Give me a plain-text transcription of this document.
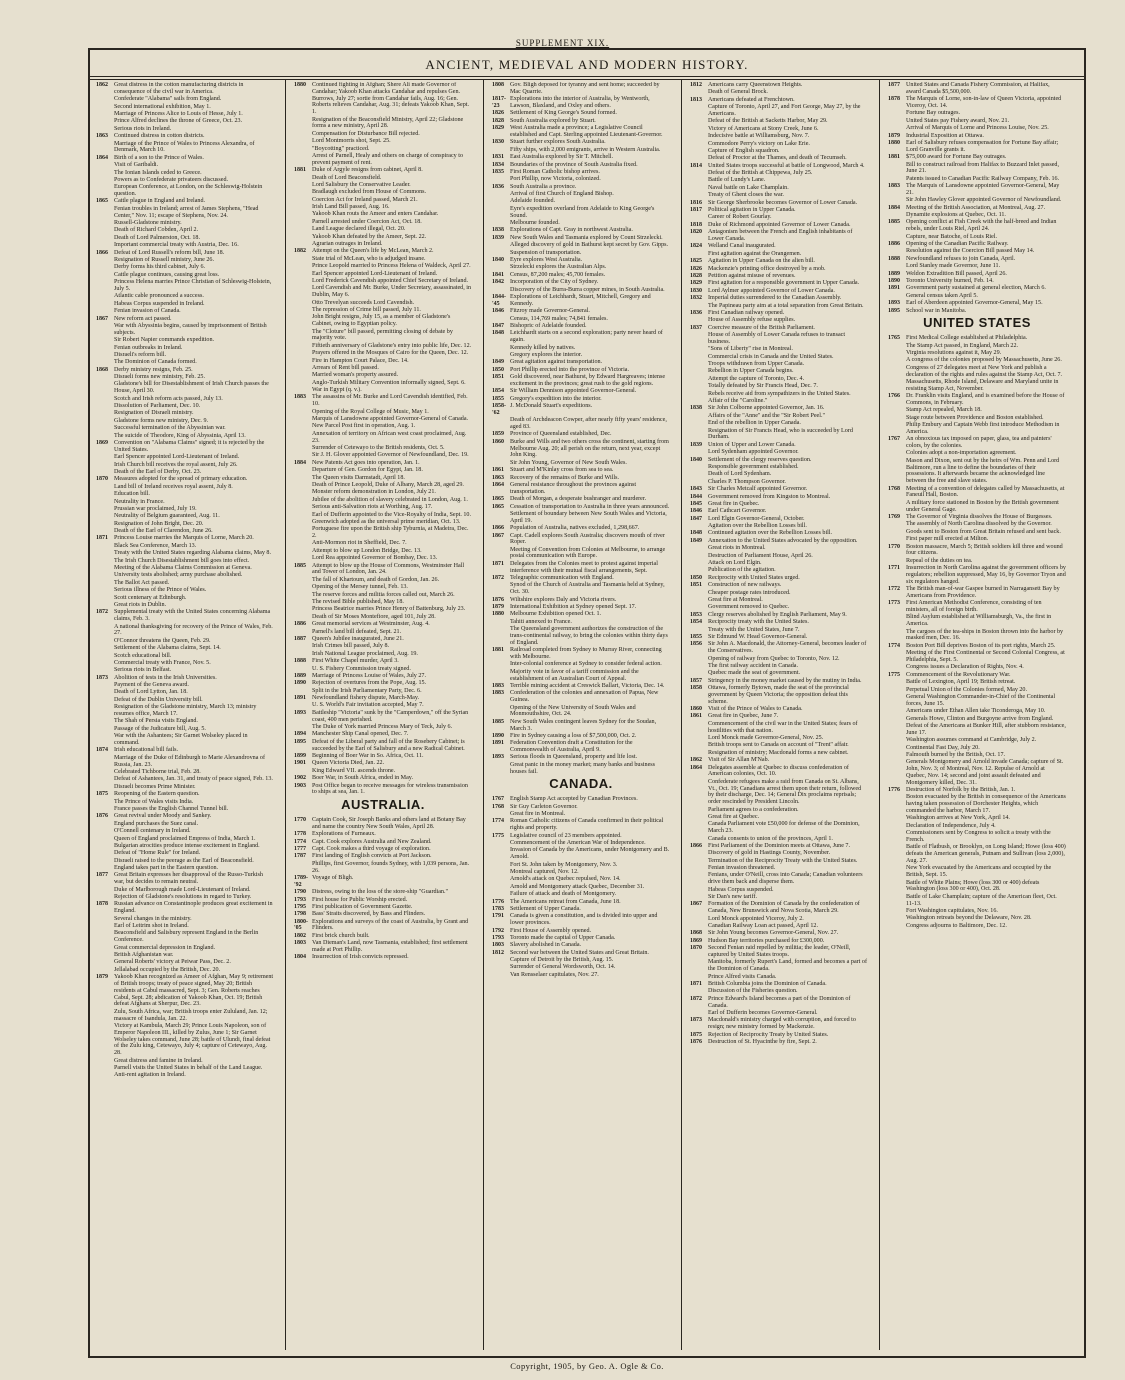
SUPPLEMENT XIX.
ANCIENT, MEDIEVAL AND MODERN HISTORY.
1862 Great distress in the cotton manufacturing districts in consequence of the civil war in America.
Confederate "Alabama" sails from England.
Second international exhibition, May 1.
Marriage of Princess Alice to Louis of Hesse, July 1.
Prince Alfred declines the throne of Greece, Oct. 23.
Serious riots in Ireland.
1863 Continued distress in cotton districts.
Marriage of the Prince of Wales to Princess Alexandra, of Denmark, March 10.
1864 Birth of a son to the Prince of Wales.
Visit of Garibaldi.
The Ionian Islands ceded to Greece.
Powers as to Confederate privateers discussed.
European Conference, at London, on the Schleswig-Holstein question.
1865 Cattle plague in England and Ireland.
Fenian troubles in Ireland; arrest of James Stephens, "Head Center," Nov. 11; escape of Stephens, Nov. 24.
Russell-Gladstone ministry.
Death of Richard Cobden, April 2.
Death of Lord Palmerston, Oct. 18.
Important commercial treaty with Austria, Dec. 16.
1866 Defeat of Lord Russell's reform bill, June 18.
Resignation of Russell ministry, June 26.
Derby forms his third cabinet, July 6.
Cattle plague continues, causing great loss.
Princess Helena marries Prince Christian of Schleswig-Holstein, July 5.
Atlantic cable pronounced a success.
Habeas Corpus suspended in Ireland.
Fenian invasion of Canada.
1867 New reform act passed.
War with Abyssinia begins, caused by imprisonment of British subjects.
Sir Robert Napier commands expedition.
Fenian outbreaks in Ireland.
Disraeli's reform bill.
The Dominion of Canada formed.
1868 Derby ministry resigns, Feb. 25.
Disraeli forms new ministry, Feb. 25.
Gladstone's bill for Disestablishment of Irish Church passes the House, April 30.
Scotch and Irish reform acts passed, July 13.
Dissolution of Parliament, Dec. 10.
Resignation of Disraeli ministry.
Gladstone forms new ministry, Dec. 9.
Successful termination of the Abyssinian war.
The suicide of Theodore, King of Abyssinia, April 13.
1869 Convention on "Alabama Claims" signed; it is rejected by the United States.
Earl Spencer appointed Lord-Lieutenant of Ireland.
Irish Church bill receives the royal assent, July 26.
Death of the Earl of Derby, Oct. 23.
1870 Measures adopted for the spread of primary education.
Land bill of Ireland receives royal assent, July 8.
Education bill.
Neutrality in France.
Prussian war proclaimed, July 19.
Neutrality of Belgium guaranteed, Aug. 11.
Resignation of John Bright, Dec. 20.
Death of the Earl of Clarendon, June 26.
1871 Princess Louise marries the Marquis of Lorne, March 20.
Black Sea Conference, March 13.
Treaty with the United States regarding Alabama claims, May 8.
The Irish Church Disestablishment bill goes into effect.
Meeting of the Alabama Claims Commission at Geneva.
University tests abolished; army purchase abolished.
The Ballot Act passed.
Serious illness of the Prince of Wales.
Scott centenary at Edinburgh.
Great riots in Dublin.
1872 Supplemental treaty with the United States concerning Alabama claims, Feb. 3.
A national thanksgiving for recovery of the Prince of Wales, Feb. 27.
O'Connor threatens the Queen, Feb. 29.
Settlement of the Alabama claims, Sept. 14.
Scotch educational bill.
Commercial treaty with France, Nov. 5.
Serious riots in Belfast.
1873 Abolition of tests in the Irish Universities.
Payment of the Geneva award.
Death of Lord Lytton, Jan. 18.
Defeat of the Dublin University bill.
Resignation of the Gladstone ministry, March 13; ministry resumes office, March 17.
The Shah of Persia visits England.
Passage of the Judicature bill, Aug. 5.
War with the Ashantees; Sir Garnet Wolseley placed in command.
1874 Irish educational bill fails.
Marriage of the Duke of Edinburgh to Marie Alexandrovna of Russia, Jan. 23.
Celebrated Tichborne trial, Feb. 28.
Defeat of Ashantees, Jan. 31, and treaty of peace signed, Feb. 13.
Disraeli becomes Prime Minister.
1875 Reopening of the Eastern question.
The Prince of Wales visits India.
France passes the English Channel Tunnel bill.
1876 Great revival under Moody and Sankey.
England purchases the Suez canal.
O'Connell centenary in Ireland.
Queen of England proclaimed Empress of India, March 1.
Bulgarian atrocities produce intense excitement in England.
Defeat of "Home Rule" for Ireland.
Disraeli raised to the peerage as the Earl of Beaconsfield.
England takes part in the Eastern question.
1877 Great Britain expresses her disapproval of the Russo-Turkish war, but decides to remain neutral.
Duke of Marlborough made Lord-Lieutenant of Ireland.
Rejection of Gladstone's resolutions in regard to Turkey.
1878 Russian advance on Constantinople produces great excitement in England.
Several changes in the ministry.
Earl of Leitrim shot in Ireland.
Beaconsfield and Salisbury represent England in the Berlin Conference.
Great commercial depression in England.
British Afghanistan war.
General Roberts' victory at Peiwar Pass, Dec. 2.
Jellalabad occupied by the British, Dec. 20.
1879 Yakoob Khan recognized as Ameer of Afghan, May 9; retirement of British troops; treaty of peace signed, May 20; British residents at Cabul massacred, Sept. 3; Gen. Roberts reaches Cabul, Sept. 28; abdication of Yakoob Khan, Oct. 19; British defeat Afghans at Sherpur, Dec. 23.
Zulu, South Africa, war; British troops enter Zululand, Jan. 12; massacre of Isandula, Jan. 22.
Victory at Kambula, March 29; Prince Louis Napoleon, son of Emperor Napoleon III., killed by Zulus, June 1; Sir Garnet Wolseley takes command, June 28; battle of Ulundi, final defeat of the Zulu king, Cetewayo, July 4; capture of Cetewayo, Aug. 28.
Great distress and famine in Ireland.
Parnell visits the United States in behalf of the Land League.
Anti-rent agitation in Ireland.
1880 Continued fighting in Afghan; Shere Ali made Governor of Candahar; Yakoob Khan attacks Candahar and repulses Gen. Burrows, July 27; sortie from Candahar fails, Aug. 16; Gen. Roberts relieves Candahar, Aug. 31; defeats Yakoob Khan, Sept. 1.
Resignation of the Beaconsfield Ministry, April 22; Gladstone forms a new ministry, April 28.
Compensation for Disturbance Bill rejected.
Lord Montmorris shot, Sept. 25.
"Boycotting" practiced.
Arrest of Parnell, Healy and others on charge of conspiracy to prevent payment of rent.
1881 Duke of Argyle resigns from cabinet, April 8.
Death of Lord Beaconsfield.
Lord Salisbury the Conservative Leader.
Bradlaugh excluded from House of Commons.
Coercion Act for Ireland passed, March 21.
Irish Land Bill passed, Aug. 16.
Yakoob Khan routs the Ameer and enters Candahar.
Parnell arrested under Coercion Act, Oct. 18.
Land League declared illegal, Oct. 20.
Yakoob Khan defeated by the Ameer, Sept. 22.
Agrarian outrages in Ireland.
1882 Attempt on the Queen's life by McLean, March 2.
State trial of McLean, who is adjudged insane.
Prince Leopold married to Princess Helena of Waldeck, April 27.
Earl Spencer appointed Lord-Lieutenant of Ireland.
Lord Frederick Cavendish appointed Chief Secretary of Ireland.
Lord Cavendish and Mr. Burke, Under Secretary, assassinated, in Dublin, May 6.
Otto Trevelyan succeeds Lord Cavendish.
The repression of Crime bill passed, July 11.
John Bright resigns, July 15, as a member of Gladstone's Cabinet, owing to Egyptian policy.
The "Cloture" bill passed, permitting closing of debate by majority vote.
Fiftieth anniversary of Gladstone's entry into public life, Dec. 12.
Prayers offered in the Mosques of Cairo for the Queen, Dec. 12.
Fire in Hampton Court Palace, Dec. 14.
Arrears of Rent bill passed.
Married woman's property assured.
Anglo-Turkish Military Convention informally signed, Sept. 6.
War in Egypt (q. v.).
1883 The assassins of Mr. Burke and Lord Cavendish identified, Feb. 10.
Opening of the Royal College of Music, May 1.
Marquis of Lansdowne appointed Governor-General of Canada.
New Parcel Post first in operation, Aug. 1.
Annexation of territory on African west coast proclaimed, Aug. 23.
Surrender of Cetewayo to the British residents, Oct. 5.
Sir J. H. Glover appointed Governor of Newfoundland, Dec. 19.
1884 New Patents Act goes into operation, Jan. 1.
Departure of Gen. Gordon for Egypt, Jan. 18.
The Queen visits Darmstadt, April 18.
Death of Prince Leopold, Duke of Albany, March 28, aged 29.
Monster reform demonstration in London, July 21.
Jubilee of the abolition of slavery celebrated in London, Aug. 1.
Serious anti-Salvation riots at Worthing, Aug. 17.
Earl of Dufferin appointed to the Vice-Royalty of India, Sept. 10.
Greenwich adopted as the universal prime meridian, Oct. 13.
Portuguese fire upon the British ship Tyburnia, at Madeira, Dec. 2.
Anti-Mormon riot in Sheffield, Dec. 7.
Attempt to blow up London Bridge, Dec. 13.
Lord Rea appointed Governor of Bombay, Dec. 13.
1885 Attempt to blow up the House of Commons, Westminster Hall and Tower of London, Jan. 24.
The fall of Khartoum, and death of Gordon, Jan. 26.
Opening of the Mersey tunnel, Feb. 13.
The reserve forces and militia forces called out, March 26.
The revised Bible published, May 18.
Princess Beatrice marries Prince Henry of Battenburg, July 23.
Death of Sir Moses Montefiore, aged 101, July 28.
1886 Great memorial services at Westminster, Aug. 4.
Parnell's land bill defeated, Sept. 21.
1887 Queen's Jubilee inaugurated, June 21.
Irish Crimes bill passed, July 8.
Irish National League proclaimed, Aug. 19.
1888 First White Chapel murder, April 3.
U. S. Fishery Commission treaty signed.
1889 Marriage of Princess Louise of Wales, July 27.
1890 Rejection of overtures from the Pope, Aug. 15.
Split in the Irish Parliamentary Party, Dec. 6.
1891 Newfoundland fishery dispute, March-May.
U. S. World's Fair invitation accepted, May 7.
1893 Battleship "Victoria" sunk by the "Camperdown," off the Syrian coast, 400 men perished.
The Duke of York married Princess Mary of Teck, July 6.
1894 Manchester Ship Canal opened, Dec. 7.
1895 Defeat of the Liberal party and fall of the Rosebery Cabinet; is succeeded by the Earl of Salisbury and a new Radical Cabinet.
1899 Beginning of Boer War in So. Africa, Oct. 11.
1901 Queen Victoria Died, Jan. 22.
King Edward VII. ascends throne.
1902 Boer War, in South Africa, ended in May.
1903 Post Office began to receive messages for wireless transmission to ships at sea, Jan. 1.
AUSTRALIA.
1770 Captain Cook, Sir Joseph Banks and others land at Botany Bay and name the country New South Wales, April 28.
1778 Explorations of Furneaux.
1774 Capt. Cook explores Australia and New Zealand.
1777 Capt. Cook makes a third voyage of exploration.
1787 First landing of English convicts at Port Jackson.
Phillips, first Governor, founds Sydney, with 1,039 persons, Jan. 26.
1789-'92
Voyage of Bligh.
1790 Distress, owing to the loss of the store-ship "Guardian."
1793 First house for Public Worship erected.
1795 First publication of Government Gazette.
1798 Bass' Straits discovered, by Bass and Flinders.
1800-'05
Explorations and surveys of the coast of Australia, by Grant and Flinders.
1802 First brick church built.
1803 Van Dieman's Land, now Tasmania, established; first settlement made at Port Phillip.
1804 Insurrection of Irish convicts repressed.
1808 Gov. Bligh deposed for tyranny and sent home; succeeded by Mac Quarrie.
1817-'23
Explorations into the interior of Australia, by Wentworth, Lawson, Blaxland, and Oxley and others.
1826 Settlement of King George's Sound formed.
1828 South Australia explored by Stuart.
1829 West Australia made a province; a Legislative Council established and Capt. Sterling appointed Lieutenant-Governor.
1830 Stuart further explores South Australia.
Fifty ships, with 2,000 emigrants, arrive in Western Australia.
1831 East Australia explored by Sir T. Mitchell.
1834 Boundaries of the province of South Australia fixed.
1835 First Roman Catholic bishop arrives.
Port Phillip, now Victoria, colonized.
1836 South Australia a province.
Arrival of first Church of England Bishop.
Adelaide founded.
Eyre's expedition overland from Adelaide to King George's Sound.
Melbourne founded.
1838 Explorations of Capt. Gray in northwest Australia.
1839 New South Wales and Tasmania explored by Count Strzelecki.
Alleged discovery of gold in Bathurst kept secret by Gov. Gipps.
Suspension of transportation.
1840 Eyre explores West Australia.
Strzelecki explores the Australian Alps.
1841 Census, 87,200 males; 45,700 females.
1842 Incorporation of the City of Sydney.
Discovery of the Burra-Burra copper mines, in South Australia.
1844-'45
Explorations of Leichhardt, Stuart, Mitchell, Gregory and Kennedy.
1846 Fitzroy made Governor-General.
Census, 114,769 males; 74,841 females.
1847 Bishopric of Adelaide founded.
1848 Leichhardt starts on a second exploration; party never heard of again.
Kennedy killed by natives.
Gregory explores the interior.
1849 Great agitation against transportation.
1850 Port Phillip erected into the province of Victoria.
1851 Gold discovered, near Bathurst, by Edward Hargreaves; intense excitement in the provinces; great rush to the gold regions.
1854 Sir William Dennison appointed Governor-General.
1855 Gregory's expedition into the interior.
1858-'62
J. McDonald Stuart's expeditions.
Death of Archdeacon Cowper, after nearly fifty years' residence, aged 83.
1859 Province of Queensland established, Dec.
1860 Burke and Wills and two others cross the continent, starting from Melbourne Aug. 20; all perish on the return, next year, except John King.
Sir John Young, Governor of New South Wales.
1861 Stuart and M'Kinlay cross from sea to sea.
1863 Recovery of the remains of Burke and Wills.
1864 General resistance throughout the provinces against transportation.
1865 Death of Morgan, a desperate bushranger and murderer.
1865 Cessation of transportation to Australia in three years announced.
Settlement of boundary between New South Wales and Victoria, April 19.
1866 Population of Australia, natives excluded, 1,298,667.
1867 Capt. Cadell explores South Australia; discovers mouth of river Roper.
Meeting of Convention from Colonies at Melbourne, to arrange postal communication with Europe.
1871 Delegates from the Colonies meet to protest against imperial interference with their mutual fiscal arrangements, Sept.
1872 Telegraphic communication with England.
Synod of the Church of Australia and Tasmania held at Sydney, Oct. 30.
1876 Wiltshire explores Daly and Victoria rivers.
1879 International Exhibition at Sydney opened Sept. 17.
1880 Melbourne Exhibition opened Oct. 1.
Tahiti annexed to France.
The Queensland government authorizes the construction of the trans-continental railway, to bring the colonies within thirty days of England.
1881 Railroad completed from Sydney to Murray River, connecting with Melbourne.
Inter-colonial conference at Sydney to consider federal action.
Majority vote in favor of a tariff commission and the establishment of an Australian Court of Appeal.
1883 Terrible mining accident at Creswick Ballart, Victoria, Dec. 14.
1883 Confederation of the colonies and annexation of Papua, New Guinea.
Opening of the New University of South Wales and Monmouthshire, Oct. 24.
1885 New South Wales contingent leaves Sydney for the Soudan, March 3.
1890 Fire in Sydney causing a loss of $7,500,000, Oct. 2.
1891 Federation Convention draft a Constitution for the Commonwealth of Australia, April 9.
1893 Serious floods in Queensland, property and life lost.
Great panic in the money market; many banks and business houses fail.
CANADA.
1767 English Stamp Act accepted by Canadian Provinces.
1768 Sir Guy Carleton Governor.
Great fire in Montreal.
1774 Roman Catholic citizens of Canada confirmed in their political rights and property.
1775 Legislative council of 23 members appointed.
Commencement of the American War of Independence.
Invasion of Canada by the Americans, under Montgomery and B. Arnold.
Fort St. John taken by Montgomery, Nov. 3.
Montreal captured, Nov. 12.
Arnold's attack on Quebec repulsed, Nov. 14.
Arnold and Montgomery attack Quebec, December 31.
Failure of attack and death of Montgomery.
1776 The Americans retreat from Canada, June 18.
1783 Settlement of Upper Canada.
1791 Canada is given a constitution, and is divided into upper and lower provinces.
1792 First House of Assembly opened.
1793 Toronto made the capital of Upper Canada.
1803 Slavery abolished in Canada.
1812 Second war between the United States and Great Britain.
Capture of Detroit by the British, Aug. 15.
Surrender of General Wordsworth, Oct. 14.
Van Rensselaer capitulates, Nov. 27.
1812 Americans carry Queenstown Heights.
Death of General Brock.
1813 Americans defeated at Frenchtown.
Capture of Toronto, April 27, and Fort George, May 27, by the Americans.
Defeat of the British at Sacketts Harbor, May 29.
Victory of Americans at Stony Creek, June 6.
Indecisive battle at Williamsburg, Nov. 7.
Commodore Perry's victory on Lake Erie.
Capture of English squadron.
Defeat of Proctor at the Thames, and death of Tecumseh.
1814 United States troops successful at battle of Longwood, March 4.
Defeat of the British at Chippewa, July 25.
Battle of Lundy's Lane.
Naval battle on Lake Champlain.
Treaty of Ghent closes the war.
1816 Sir George Sherbrooke becomes Governor of Lower Canada.
1817 Political agitation in Upper Canada.
Career of Robert Gourlay.
1818 Duke of Richmond appointed Governor of Lower Canada.
1820 Antagonism between the French and English inhabitants of Lower Canada.
1824 Welland Canal inaugurated.
First agitation against the Orangemen.
1825 Agitation in Upper Canada on the alien bill.
1826 Mackenzie's printing office destroyed by a mob.
1828 Petition against misuse of revenues.
1829 First agitation for a responsible government in Upper Canada.
1830 Lord Aylmer appointed Governor of Lower Canada.
1832 Imperial duties surrendered to the Canadian Assembly.
The Papineau party aim at a total separation from Great Britain.
1836 First Canadian railway opened.
House of Assembly refuse supplies.
1837 Coercive measure of the British Parliament.
House of Assembly of Lower Canada refuses to transact business.
"Sons of Liberty" rise in Montreal.
Commercial crisis in Canada and the United States.
Troops withdrawn from Upper Canada.
Rebellion in Upper Canada begins.
Attempt the capture of Toronto, Dec. 4.
Totally defeated by Sir Francis Head, Dec. 7.
Rebels receive aid from sympathizers in the United States.
Affair of the "Caroline."
1838 Sir John Colborne appointed Governor, Jan. 16.
Affairs of the "Anne" and the "Sir Robert Peel."
End of the rebellion in Upper Canada.
Resignation of Sir Francis Head, who is succeeded by Lord Durham.
1839 Union of Upper and Lower Canada.
Lord Sydenham appointed Governor.
1840 Settlement of the clergy reserves question.
Responsible government established.
Death of Lord Sydenham.
Charles P. Thompson Governor.
1843 Sir Charles Metcalf appointed Governor.
1844 Government removed from Kingston to Montreal.
1845 Great fire in Quebec.
1846 Earl Cathcart Governor.
1847 Lord Elgin Governor-General, October.
Agitation over the Rebellion Losses bill.
1848 Continued agitation over the Rebellion Losses bill.
1849 Annexation to the United States advocated by the opposition.
Great riots in Montreal.
Destruction of Parliament House, April 26.
Attack on Lord Elgin.
Publication of the agitation.
1850 Reciprocity with United States urged.
1851 Construction of new railways.
Cheaper postage rates introduced.
Great fire at Montreal.
Government removed to Quebec.
1853 Clergy reserves abolished by English Parliament, May 9.
1854 Reciprocity treaty with the United States.
Treaty with the United States, June 7.
1855 Sir Edmund W. Head Governor-General.
1856 Sir John A. Macdonald, the Attorney-General, becomes leader of the Conservatives.
Opening of railway from Quebec to Toronto, Nov. 12.
The first railway accident in Canada.
Quebec made the seat of government.
1857 Stringency in the money market caused by the mutiny in India.
1858 Ottawa, formerly Bytown, made the seat of the provincial government by Queen Victoria; the opposition defeat this scheme.
1860 Visit of the Prince of Wales to Canada.
1861 Great fire in Quebec, June 7.
Commencement of the civil war in the United States; fears of hostilities with that nation.
Lord Monck made Governor-General, Nov. 25.
British troops sent to Canada on account of "Trent" affair.
Resignation of ministry; Macdonald forms a new cabinet.
1862 Visit of Sir Allan M'Nab.
1864 Delegates assemble at Quebec to discuss confederation of American colonies, Oct. 10.
Confederate refugees make a raid from Canada on St. Albans, Vt., Oct. 19; Canadians arrest them upon their return, followed by their discharge, Dec. 14; General Dix proclaims reprisals; order rescinded by President Lincoln.
Parliament agrees to a confederation.
Great fire at Quebec.
Canada Parliament vote £50,000 for defense of the Dominion, March 23.
Canada consents to union of the provinces, April 1.
1866 First Parliament of the Dominion meets at Ottawa, June 7.
Discovery of gold in Hastings County, November.
Termination of the Reciprocity Treaty with the United States.
Fenian invasion threatened.
Fenians, under O'Neill, cross into Canada; Canadian volunteers drive them back and disperse them.
Habeas Corpus suspended.
Sir Dan's new tariff.
1867 Formation of the Dominion of Canada by the confederation of Canada, New Brunswick and Nova Scotia, March 29.
Lord Monck appointed Viceroy, July 2.
Canadian Railway Loan act passed, April 12.
1868 Sir John Young becomes Governor-General, Nov. 27.
1869 Hudson Bay territories purchased for £300,000.
1870 Second Fenian raid repelled by militia; the leader, O'Neill, captured by United States troops.
Manitoba, formerly Rupert's Land, formed and becomes a part of the Dominion of Canada.
Prince Alfred visits Canada.
1871 British Columbia joins the Dominion of Canada.
Discussion of the Fisheries question.
1872 Prince Edward's Island becomes a part of the Dominion of Canada.
Earl of Dufferin becomes Governor-General.
1873 Macdonald's ministry charged with corruption, and forced to resign; new ministry formed by Mackenzie.
1875 Rejection of Reciprocity Treaty by United States.
1876 Destruction of St. Hyacinthe by fire, Sept. 2.
1877 United States and Canada Fishery Commission, at Halifax, award Canada $5,500,000.
1878 The Marquis of Lorne, son-in-law of Queen Victoria, appointed Viceroy, Oct. 14.
Fortune Bay outrages.
United States pay Fishery award, Nov. 21.
Arrival of Marquis of Lorne and Princess Louise, Nov. 25.
1879 Industrial Exposition at Ottawa.
1880 Earl of Salisbury refuses compensation for Fortune Bay affair; Lord Granville grants it.
1881 $75,000 award for Fortune Bay outrages.
Bill to construct railroad from Halifax to Buzzard Inlet passed, June 21.
Patents issued to Canadian Pacific Railway Company, Feb. 16.
1883 The Marquis of Lansdowne appointed Governor-General, May 21.
Sir John Hawley Glover appointed Governor of Newfoundland.
1884 Meeting of the British Association, at Montreal, Aug. 27.
Dynamite explosions at Quebec, Oct. 11.
1885 Opening conflict at Fish Creek with the half-breed and Indian rebels, under Louis Riel, April 24.
Capture, near Batoche, of Louis Riel.
1886 Opening of the Canadian Pacific Railway.
Resolution against the Coercion Bill passed May 14.
1888 Newfoundland refuses to join Canada, April.
Lord Stanley made Governor, June 11.
1889 Weldon Extradition Bill passed, April 26.
1890 Toronto University burned, Feb. 14.
1891 Government party sustained at general election, March 6.
General census taken April 5.
1893 Earl of Aberdeen appointed Governor-General, May 15.
1895 School war in Manitoba.
UNITED STATES
1765 First Medical College established at Philadelphia.
The Stamp Act passed, in England, March 22.
Virginia resolutions against it, May 29.
A congress of the colonies proposed by Massachusetts, June 26.
Congress of 27 delegates meet at New York and publish a declaration of the rights and rules against the Stamp Act, Oct. 7.
Massachusetts, Rhode Island, Delaware and Maryland unite in resisting Stamp Act, November.
1766 Dr. Franklin visits England, and is examined before the House of Commons, in February.
Stamp Act repealed, March 18.
Stage route between Providence and Boston established.
Philip Embury and Captain Webb first introduce Methodism in America.
1767 An obnoxious tax imposed on paper, glass, tea and painters' colors, by the colonies.
Colonies adopt a non-importation agreement.
Mason and Dixon, sent out by the heirs of Wm. Penn and Lord Baltimore, run a line to define the boundaries of their possessions. It afterwards became the acknowledged line between the free and slave states.
1768 Meeting of a convention of delegates called by Massachusetts, at Faneuil Hall, Boston.
A military force stationed in Boston by the British government under General Gage.
1769 The Governor of Virginia dissolves the House of Burgesses.
The assembly of North Carolina dissolved by the Governor.
Goods sent to Boston from Great Britain refused and sent back.
First paper mill erected at Milton.
1770 Boston massacre, March 5; British soldiers kill three and wound four citizens.
Repeal of the duties on tea.
1771 Insurrection in North Carolina against the government officers by regulators; rebellion suppressed, May 16, by Governor Tryon and six regulators hanged.
1772 The British man-of-war Gaspee burned in Narragansett Bay by Americans from Providence.
1773 First American Methodist Conference, consisting of ten ministers, all of foreign birth.
Blind Asylum established at Williamsburgh, Va., the first in America.
The cargoes of the tea-ships in Boston thrown into the harbor by masked men, Dec. 16.
1774 Boston Port Bill deprives Boston of its port rights, March 25.
Meeting of the First Continental or Second Colonial Congress, at Philadelphia, Sept. 5.
Congress issues a Declaration of Rights, Nov. 4.
1775 Commencement of the Revolutionary War.
Battle of Lexington, April 19; British retreat.
Perpetual Union of the Colonies formed, May 20.
General Washington Commander-in-Chief of the Continental forces, June 15.
Americans under Ethan Allen take Ticonderoga, May 10.
Generals Howe, Clinton and Burgoyne arrive from England.
Defeat of the Americans at Bunker Hill, after stubborn resistance, June 17.
Washington assumes command at Cambridge, July 2.
Continental Fast Day, July 20.
Falmouth burned by the British, Oct. 17.
Generals Montgomery and Arnold invade Canada; capture of St. John, Nov. 3; of Montreal, Nov. 12. Repulse of Arnold at Quebec, Nov. 14; second and joint assault defeated and Montgomery killed, Dec. 31.
1776 Destruction of Norfolk by the British, Jan. 1.
Boston evacuated by the British in consequence of the Americans having taken possession of Dorchester Heights, which commanded the harbor, March 17.
Washington arrives at New York, April 14.
Declaration of Independence, July 4.
Commissioners sent by Congress to solicit a treaty with the French.
Battle of Flatbush, or Brooklyn, on Long Island; Howe (loss 400) defeats the American generals, Putnam and Sullivan (loss 2,000), Aug. 27.
New York evacuated by the Americans and occupied by the British, Sept. 15.
Battle of White Plains; Howe (loss 300 or 400) defeats Washington (loss 300 or 400), Oct. 28.
Battle of Lake Champlain; capture of the American fleet, Oct. 11-13.
Fort Washington capitulates, Nov. 16.
Washington retreats beyond the Delaware, Nov. 28.
Congress adjourns to Baltimore, Dec. 12.
Copyright, 1905, by Geo. A. Ogle & Co.
